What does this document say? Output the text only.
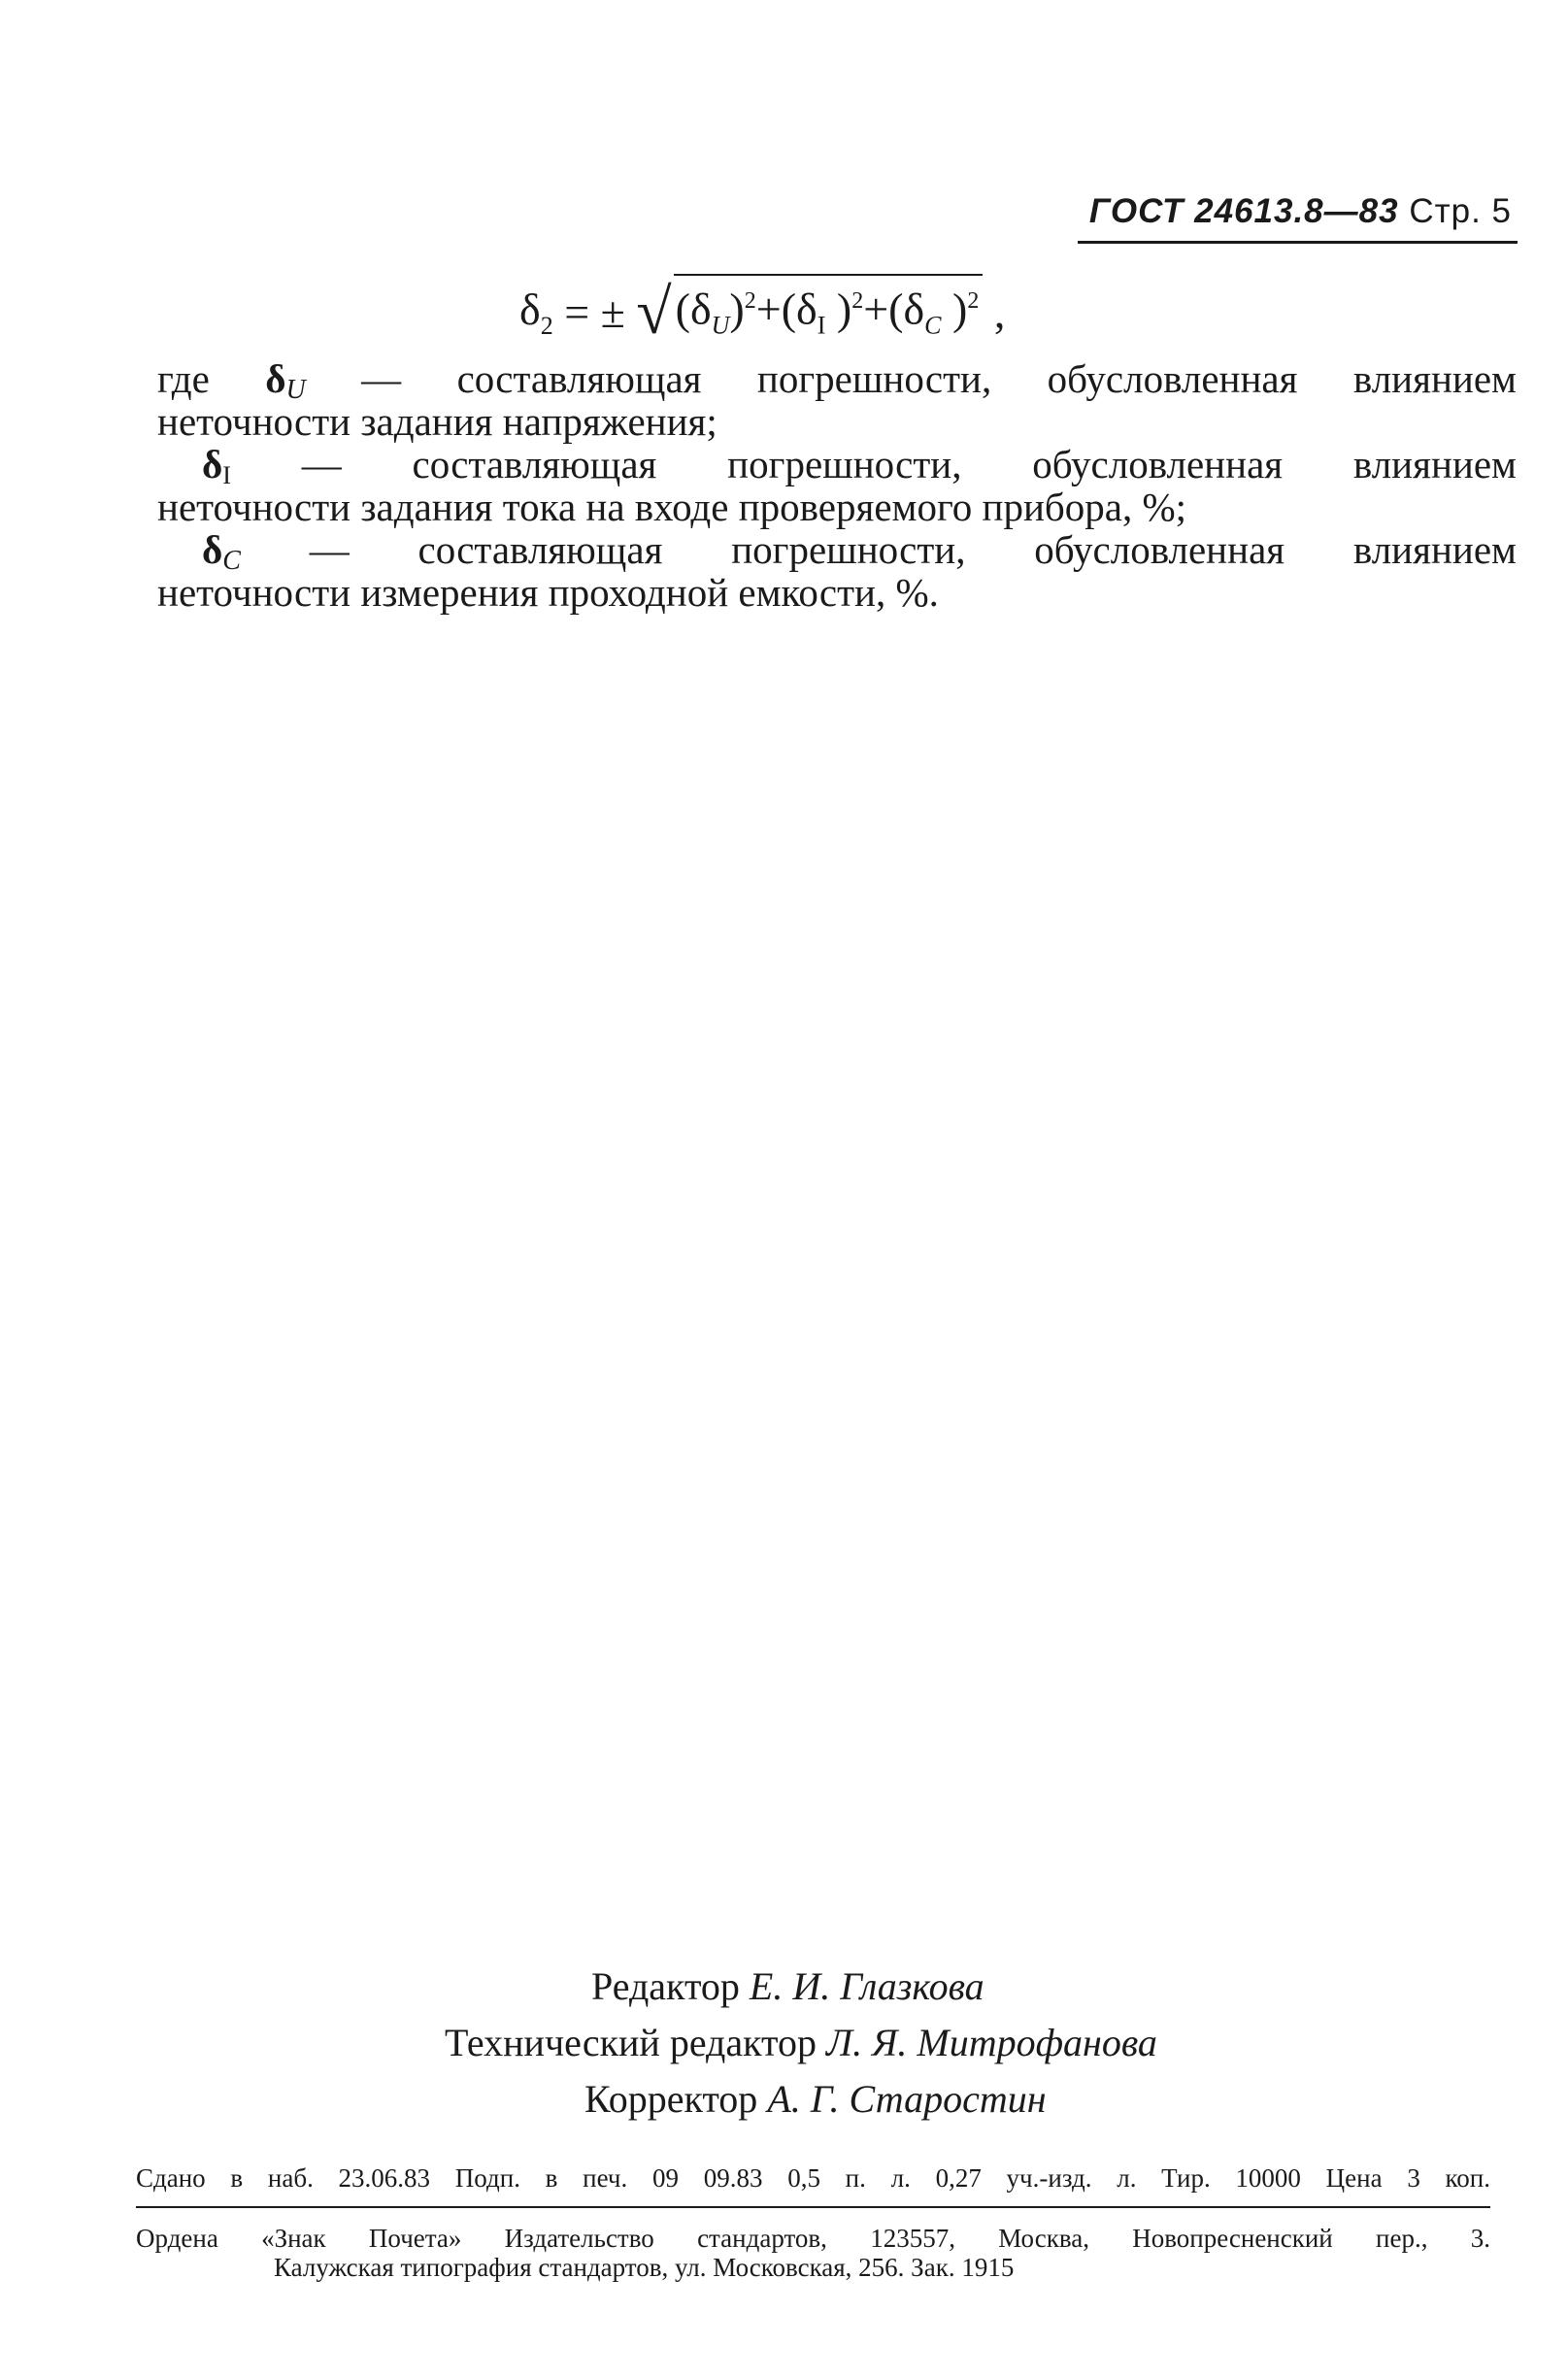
ГОСТ 24613.8—83 Стр. 5
$\delta_2$ = ± $√(\delta_U)^2+(\delta_I$ )$^2+(\delta_C$ )$^2$ ,
где δU — составляющая погрешности, обусловленная влиянием
неточности задания напряжения;
δI — составляющая погрешности, обусловленная влиянием
неточности задания тока на входе проверяемого прибора, %;
δC — составляющая погрешности, обусловленная влиянием
неточности измерения проходной емкости, %.
Редактор Е. И. Глазкова
Технический редактор Л. Я. Митрофанова
Корректор А. Г. Старостин
Сдано в наб. 23.06.83 Подп. в печ. 09 09.83 0,5 п. л. 0,27 уч.-изд. л. Тир. 10000 Цена 3 коп.
Ордена «Знак Почета» Издательство стандартов, 123557, Москва, Новопресненский пер., 3.
Калужская типография стандартов, ул. Московская, 256. Зак. 1915
